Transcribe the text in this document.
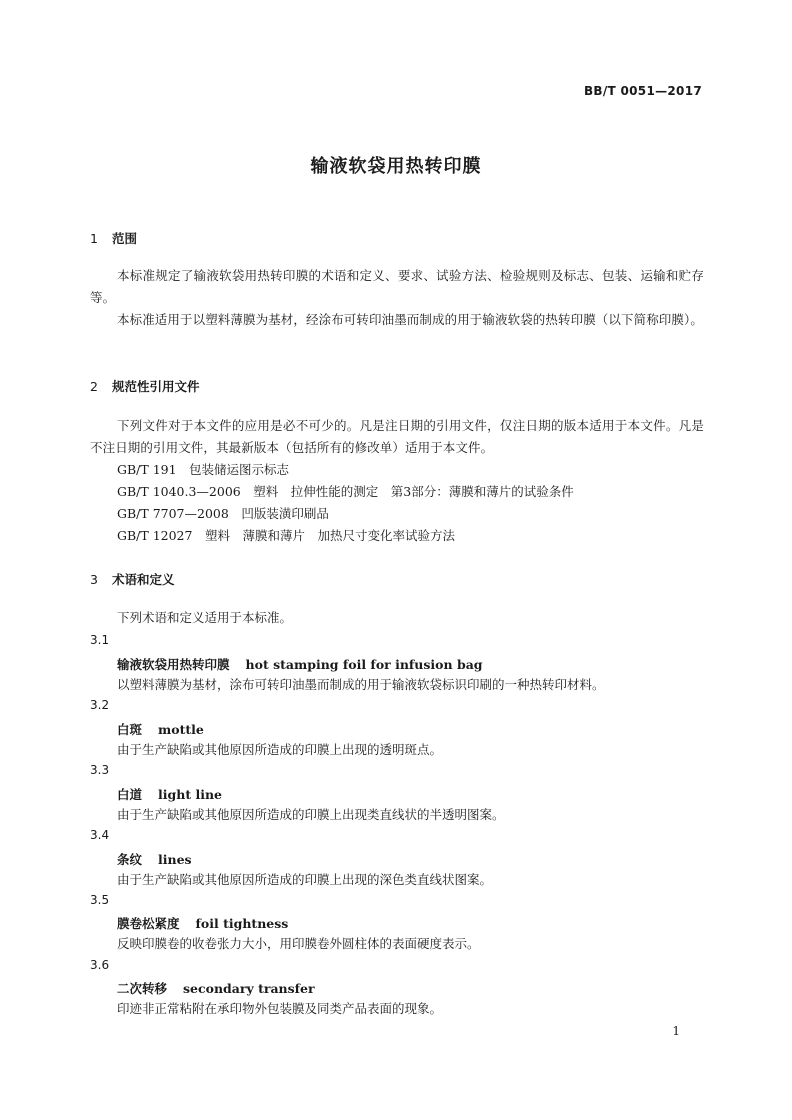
BB/T 0051—2017
输液软袋用热转印膜
1 范围
本标准规定了输液软袋用热转印膜的术语和定义、要求、试验方法、检验规则及标志、包装、运输和贮存等。
本标准适用于以塑料薄膜为基材，经涂布可转印油墨而制成的用于输液软袋的热转印膜（以下简称印膜）。
2 规范性引用文件
下列文件对于本文件的应用是必不可少的。凡是注日期的引用文件，仅注日期的版本适用于本文件。凡是不注日期的引用文件，其最新版本（包括所有的修改单）适用于本文件。
GB/T 191　包装储运图示标志
GB/T 1040.3—2006　塑料　拉伸性能的测定　第3部分：薄膜和薄片的试验条件
GB/T 7707—2008　凹版装潢印刷品
GB/T 12027　塑料　薄膜和薄片　加热尺寸变化率试验方法
3 术语和定义
下列术语和定义适用于本标准。
3.1
输液软袋用热转印膜 hot stamping foil for infusion bag
以塑料薄膜为基材，涂布可转印油墨而制成的用于输液软袋标识印刷的一种热转印材料。
3.2
白斑 mottle
由于生产缺陷或其他原因所造成的印膜上出现的透明斑点。
3.3
白道 light line
由于生产缺陷或其他原因所造成的印膜上出现类直线状的半透明图案。
3.4
条纹 lines
由于生产缺陷或其他原因所造成的印膜上出现的深色类直线状图案。
3.5
膜卷松紧度 foil tightness
反映印膜卷的收卷张力大小，用印膜卷外圆柱体的表面硬度表示。
3.6
二次转移 secondary transfer
印迹非正常粘附在承印物外包装膜及同类产品表面的现象。
1
